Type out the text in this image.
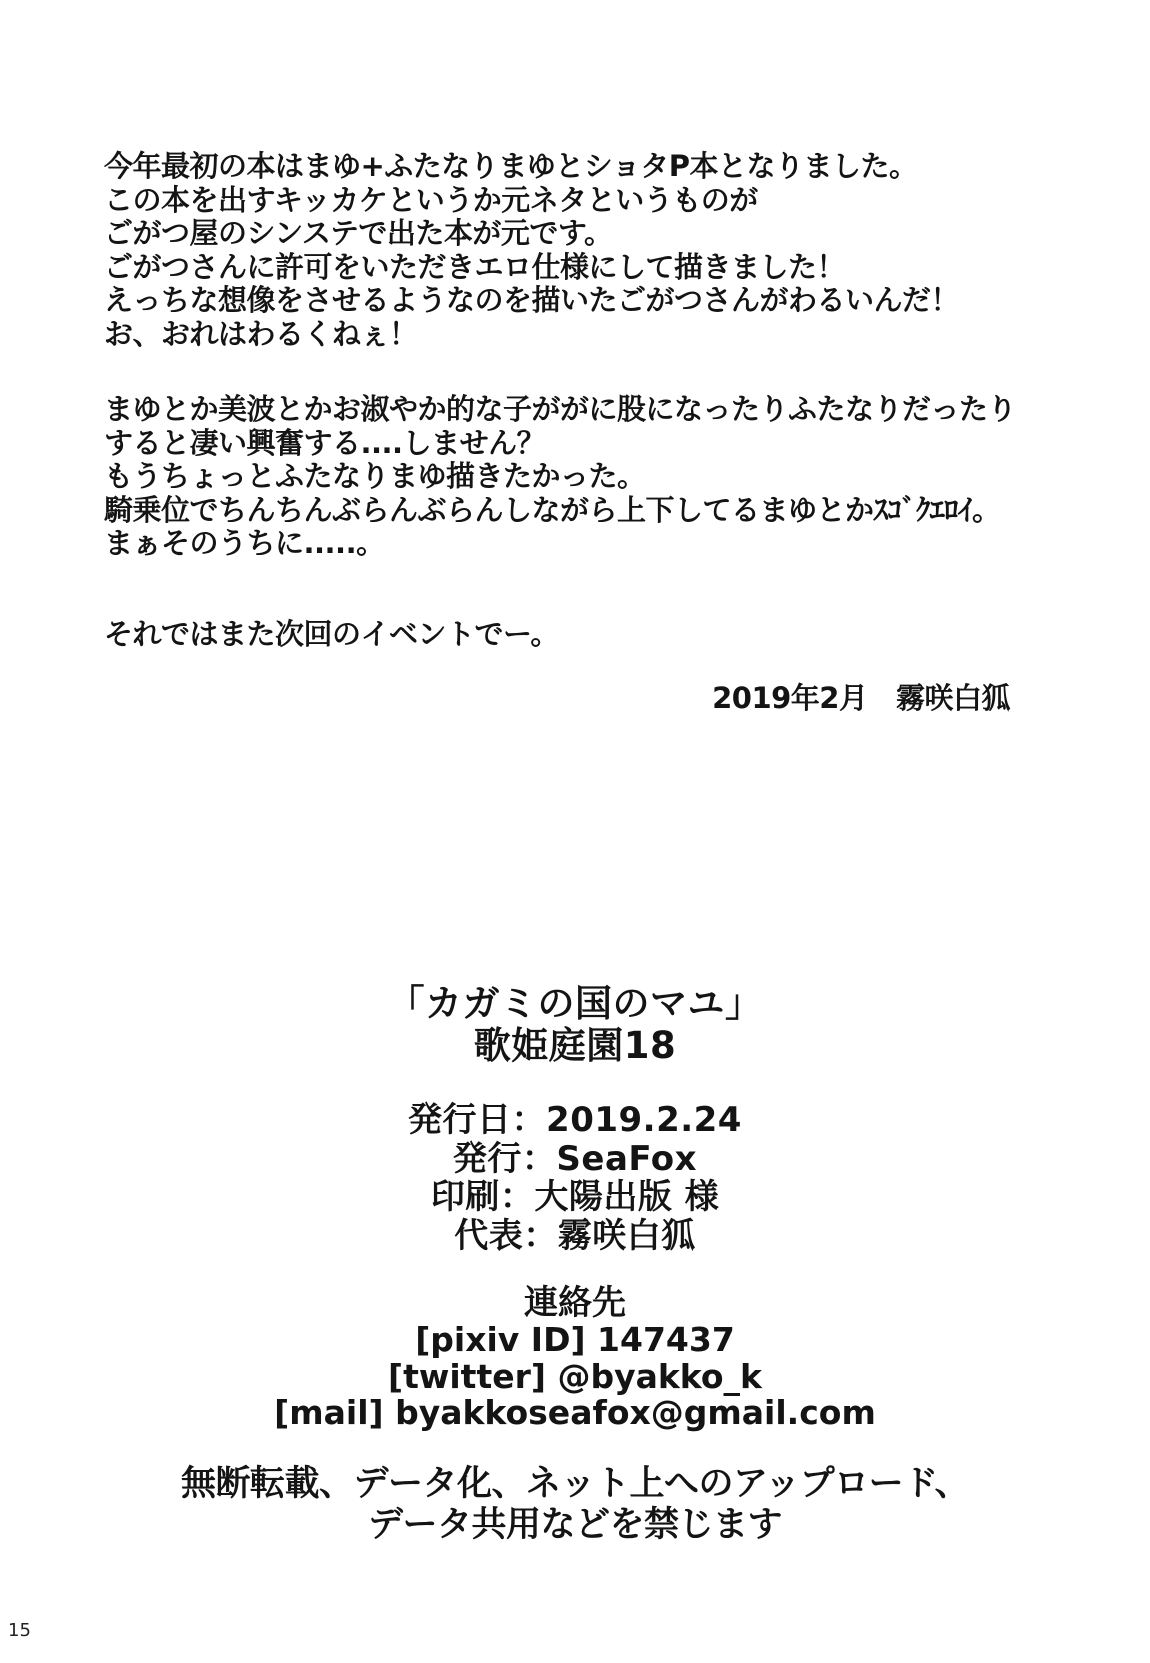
今年最初の本はまゆ+ふたなりまゆとショタP本となりました。
この本を出すキッカケというか元ネタというものが
ごがつ屋のシンステで出た本が元です。
ごがつさんに許可をいただきエロ仕様にして描きました！
えっちな想像をさせるようなのを描いたごがつさんがわるいんだ！
お、おれはわるくねぇ！
まゆとか美波とかお淑やか的な子ががに股になったりふたなりだったり
すると凄い興奮する....しません？
もうちょっとふたなりまゆ描きたかった。
騎乗位でちんちんぶらんぶらんしながら上下してるまゆとかｽｺﾞｸｴﾛｲ。
まぁそのうちに.....。
それではまた次回のイベントでー。
2019年2月　霧咲白狐
「カガミの国のマユ」
歌姫庭園18
発行日：2019.2.24
発行：SeaFox
印刷：大陽出版 様
代表：霧咲白狐
連絡先
[pixiv ID] 147437
[twitter] @byakko_k
[mail] byakkoseafox@gmail.com
無断転載、データ化、ネット上へのアップロード、
データ共用などを禁じます
15
